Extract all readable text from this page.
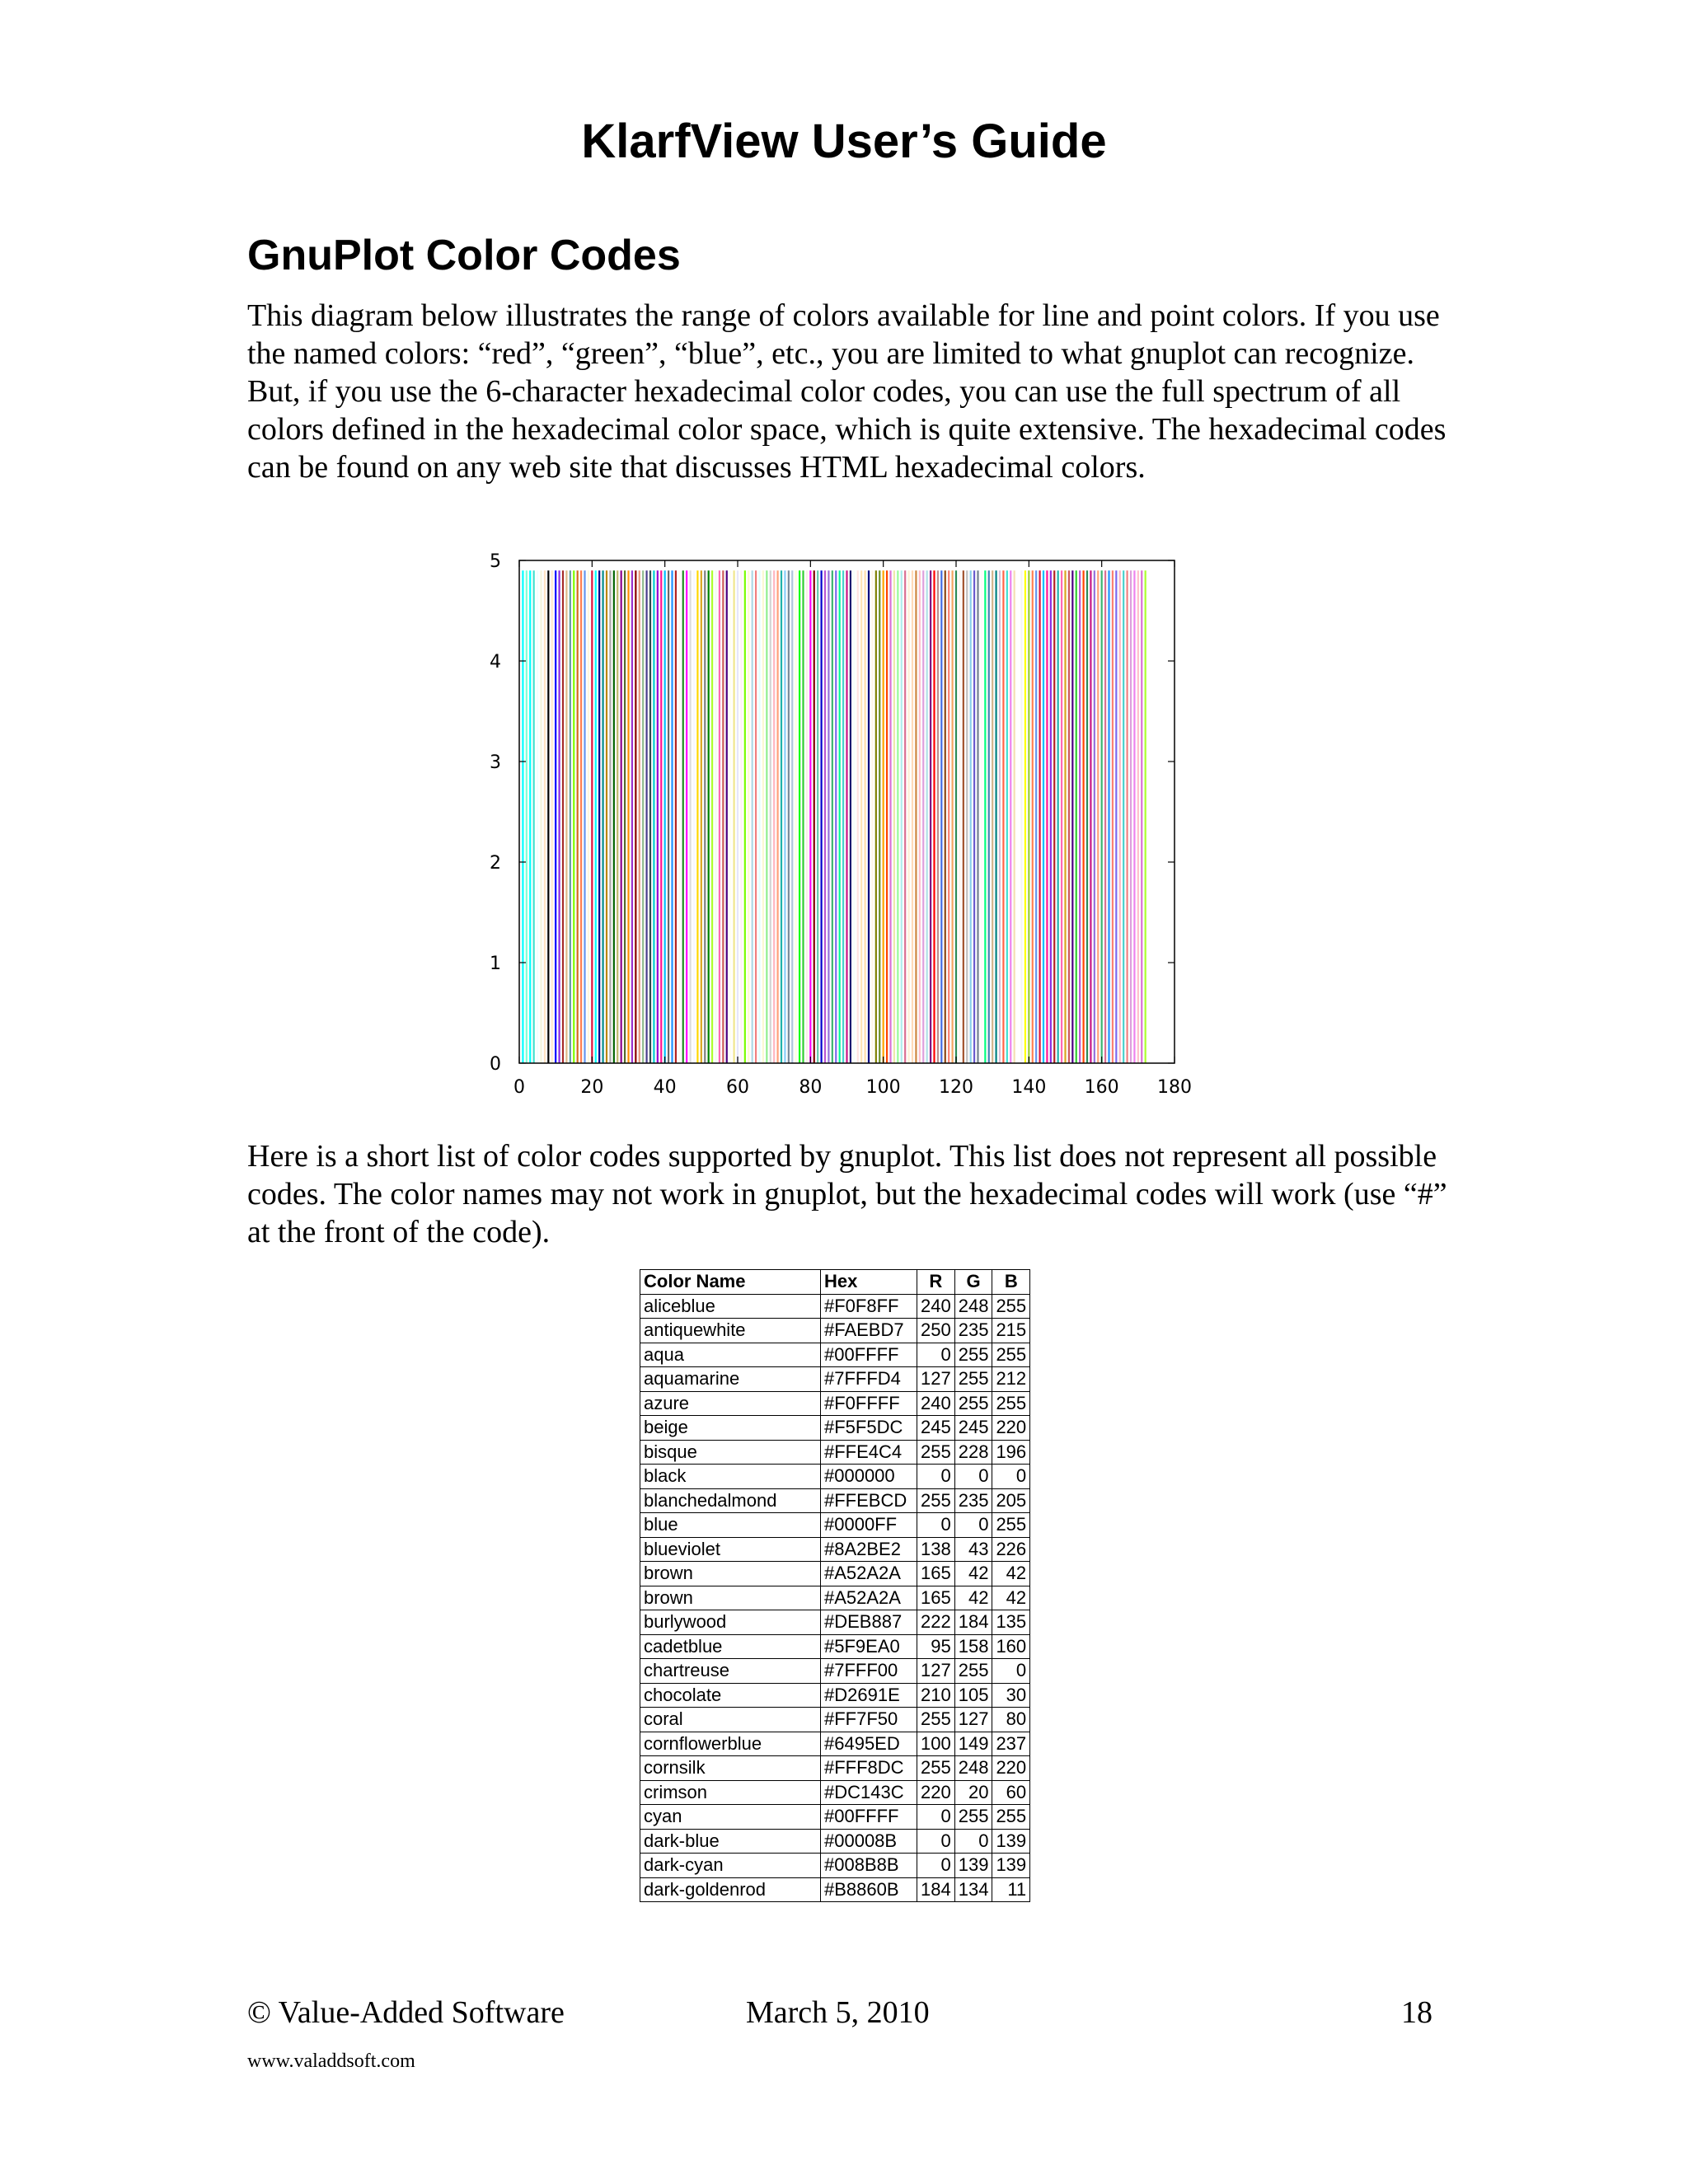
KlarfView User’s Guide
GnuPlot Color Codes

This diagram below illustrates the range of colors available for line and point colors. If you use the named colors: “red”, “green”, “blue”, etc., you are limited to what gnuplot can recognize. But, if you use the 6-character hexadecimal color codes, you can use the full spectrum of all colors defined in the hexadecimal color space, which is quite extensive. The hexadecimal codes can be found on any web site that discusses HTML hexadecimal colors.

0	20	40	60	80 100 120 140 160 180
0
1
2
3
4
5

Here is a short list of color codes supported by gnuplot. This list does not represent all possible codes. The color names may not work in gnuplot, but the hexadecimal codes will work (use “#” at the front of the code).

Color Name	Hex	R	G	B
aliceblue	#F0F8FF	240	248	255
antiquewhite	#FAEBD7	250	235	215
aqua	#00FFFF	0	255	255
aquamarine	#7FFFD4	127	255	212
azure	#F0FFFF	240	255	255
beige	#F5F5DC	245	245	220
bisque	#FFE4C4	255	228	196
black	#000000	0	0	0
blanchedalmond	#FFEBCD	255	235	205
blue	#0000FF	0	0	255
blueviolet	#8A2BE2	138	43	226
brown	#A52A2A	165	42	42
brown	#A52A2A	165	42	42
burlywood	#DEB887	222	184	135
cadetblue	#5F9EA0	95	158	160
chartreuse	#7FFF00	127	255	0
chocolate	#D2691E	210	105	30
coral	#FF7F50	255	127	80
cornflowerblue	#6495ED	100	149	237
cornsilk	#FFF8DC	255	248	220
crimson	#DC143C	220	20	60
cyan	#00FFFF	0	255	255
dark-blue	#00008B	0	0	139
dark-cyan	#008B8B	0	139	139
dark-goldenrod	#B8860B	184	134	11
© Value-Added Software	March 5, 2010	18
www.valaddsoft.com
